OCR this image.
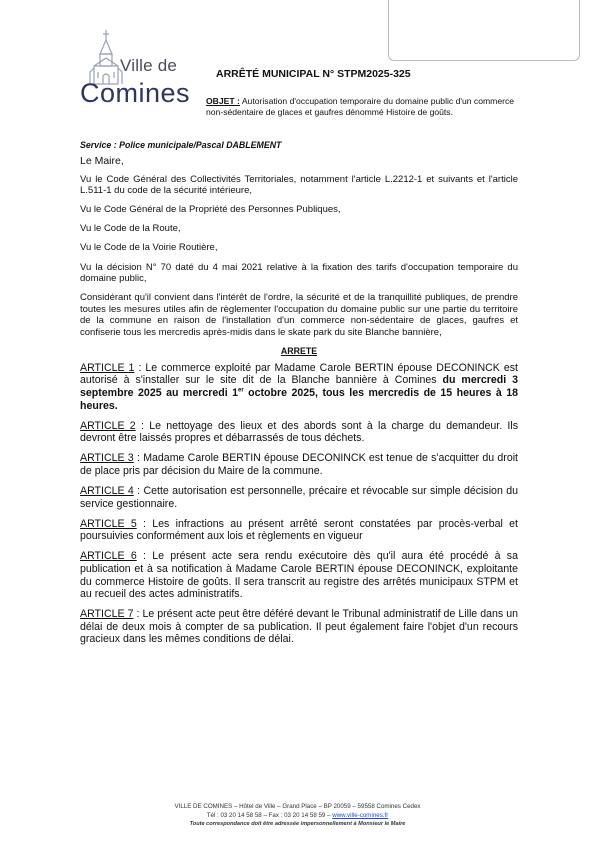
Ville de
Comines
ARRÊTÉ MUNICIPAL N° STPM2025-325
OBJET : Autorisation d'occupation temporaire du domaine public d'un commerce non-sédentaire de glaces et gaufres dénommé Histoire de goûts.
Service : Police municipale/Pascal DABLEMENT

Le Maire,

Vu le Code Général des Collectivités Territoriales, notamment l'article L.2212-1 et suivants et l'article L.511-1 du code de la sécurité intérieure,

Vu le Code Général de la Propriété des Personnes Publiques,

Vu le Code de la Route,

Vu le Code de la Voirie Routière,

Vu la décision N° 70 daté du 4 mai 2021 relative à la fixation des tarifs d'occupation temporaire du domaine public,

Considérant qu'il convient dans l'intérêt de l'ordre, la sécurité et de la tranquillité publiques, de prendre toutes les mesures utiles afin de règlementer l'occupation du domaine public sur une partie du territoire de la commune en raison de l'installation d'un commerce non-sédentaire de glaces, gaufres et confiserie tous les mercredis après-midis dans le skate park du site Blanche bannière,

ARRETE

ARTICLE 1 : Le commerce exploité par Madame Carole BERTIN épouse DECONINCK est autorisé à s'installer sur le site dit de la Blanche bannière à Comines du mercredi 3 septembre 2025 au mercredi 1er octobre 2025, tous les mercredis de 15 heures à 18 heures.

ARTICLE 2 : Le nettoyage des lieux et des abords sont à la charge du demandeur. Ils devront être laissés propres et débarrassés de tous déchets.

ARTICLE 3 : Madame Carole BERTIN épouse DECONINCK est tenue de s'acquitter du droit de place pris par décision du Maire de la commune.

ARTICLE 4 : Cette autorisation est personnelle, précaire et révocable sur simple décision du service gestionnaire.

ARTICLE 5 : Les infractions au présent arrêté seront constatées par procès-verbal et poursuivies conformément aux lois et règlements en vigueur

ARTICLE 6 : Le présent acte sera rendu exécutoire dès qu'il aura été procédé à sa publication et à sa notification à Madame Carole BERTIN épouse DECONINCK, exploitante du commerce Histoire de goûts. Il sera transcrit au registre des arrêtés municipaux STPM et au recueil des actes administratifs.

ARTICLE 7 : Le présent acte peut être déféré devant le Tribunal administratif de Lille dans un délai de deux mois à compter de sa publication. Il peut également faire l'objet d'un recours gracieux dans les mêmes conditions de délai.

VILLE DE COMINES – Hôtel de Ville – Grand Place – BP 20059 – 59558 Comines Cedex
Tél : 03 20 14 58 58 – Fax : 03 20 14 58 59 – www.ville-comines.fr
Toute correspondance doit être adressée impersonnellement à Monsieur le Maire
